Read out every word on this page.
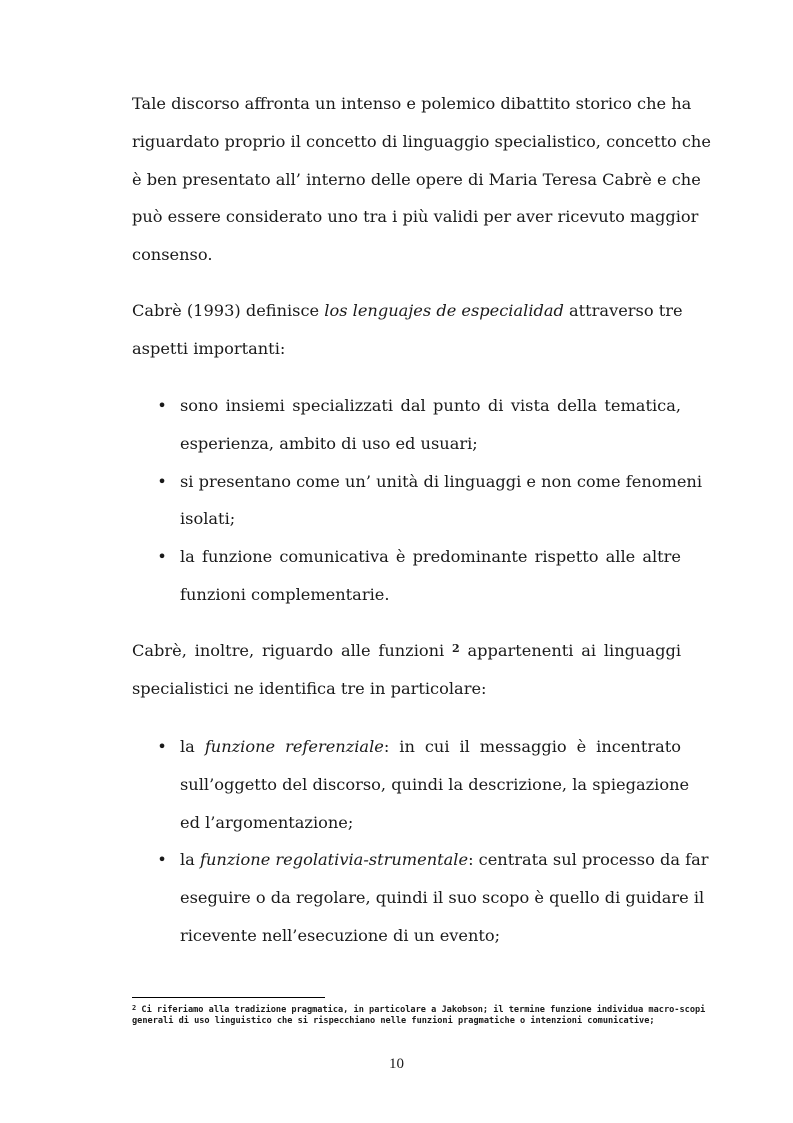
Tale discorso affronta un intenso e polemico dibattito storico che ha
riguardato proprio il concetto di linguaggio specialistico, concetto che
è ben presentato all’ interno delle opere di Maria Teresa Cabrè e che
può essere considerato uno tra i più validi per aver ricevuto maggior
consenso.

Cabrè (1993) definisce los lenguajes de especialidad attraverso tre
aspetti importanti:

• sono insiemi specializzati dal punto di vista della tematica,
esperienza, ambito di uso ed usuari;
• si presentano come un’ unità di linguaggi e non come fenomeni
isolati;
• la funzione comunicativa è predominante rispetto alle altre
funzioni complementarie.

Cabrè, inoltre, riguardo alle funzioni $^2$ appartenenti ai linguaggi
specialistici ne identifica tre in particolare:

• la funzione referenziale: in cui il messaggio è incentrato
sull’oggetto del discorso, quindi la descrizione, la spiegazione
ed l’argomentazione;
• la funzione regolativia-strumentale: centrata sul processo da far
eseguire o da regolare, quindi il suo scopo è quello di guidare il
ricevente nell’esecuzione di un evento;
$^2$ Ci riferiamo alla tradizione pragmatica, in particolare a Jakobson; il termine funzione individua macro-scopi
generali di uso linguistico che si rispecchiano nelle funzioni pragmatiche o intenzioni comunicative;
10
